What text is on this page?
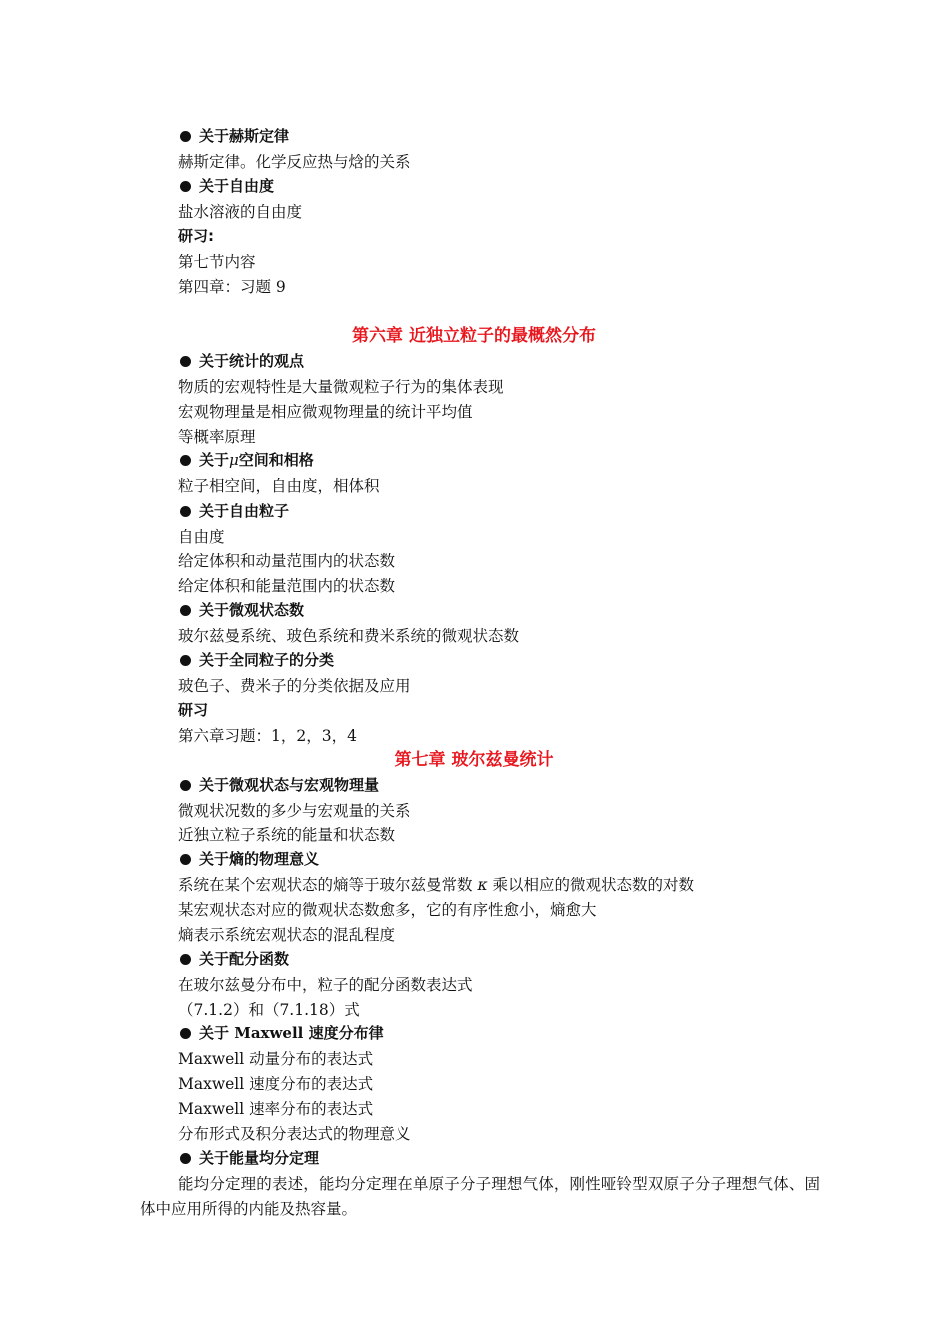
关于赫斯定律
赫斯定律。化学反应热与焓的关系
关于自由度
盐水溶液的自由度
研习:
第七节内容
第四章：习题 9
第六章 近独立粒子的最概然分布
关于统计的观点
物质的宏观特性是大量微观粒子行为的集体表现
宏观物理量是相应微观物理量的统计平均值
等概率原理
关于μ空间和相格
粒子相空间，自由度，相体积
关于自由粒子
自由度
给定体积和动量范围内的状态数
给定体积和能量范围内的状态数
关于微观状态数
玻尔兹曼系统、玻色系统和费米系统的微观状态数
关于全同粒子的分类
玻色子、费米子的分类依据及应用
研习
第六章习题：1，2，3，4
第七章 玻尔兹曼统计
关于微观状态与宏观物理量
微观状况数的多少与宏观量的关系
近独立粒子系统的能量和状态数
关于熵的物理意义
系统在某个宏观状态的熵等于玻尔兹曼常数 κ 乘以相应的微观状态数的对数
某宏观状态对应的微观状态数愈多，它的有序性愈小，熵愈大
熵表示系统宏观状态的混乱程度
关于配分函数
在玻尔兹曼分布中，粒子的配分函数表达式
（7.1.2）和（7.1.18）式
关于 Maxwell 速度分布律
Maxwell 动量分布的表达式
Maxwell 速度分布的表达式
Maxwell 速率分布的表达式
分布形式及积分表达式的物理意义
关于能量均分定理
能均分定理的表述，能均分定理在单原子分子理想气体，刚性哑铃型双原子分子理想气体、固体中应用所得的内能及热容量。
